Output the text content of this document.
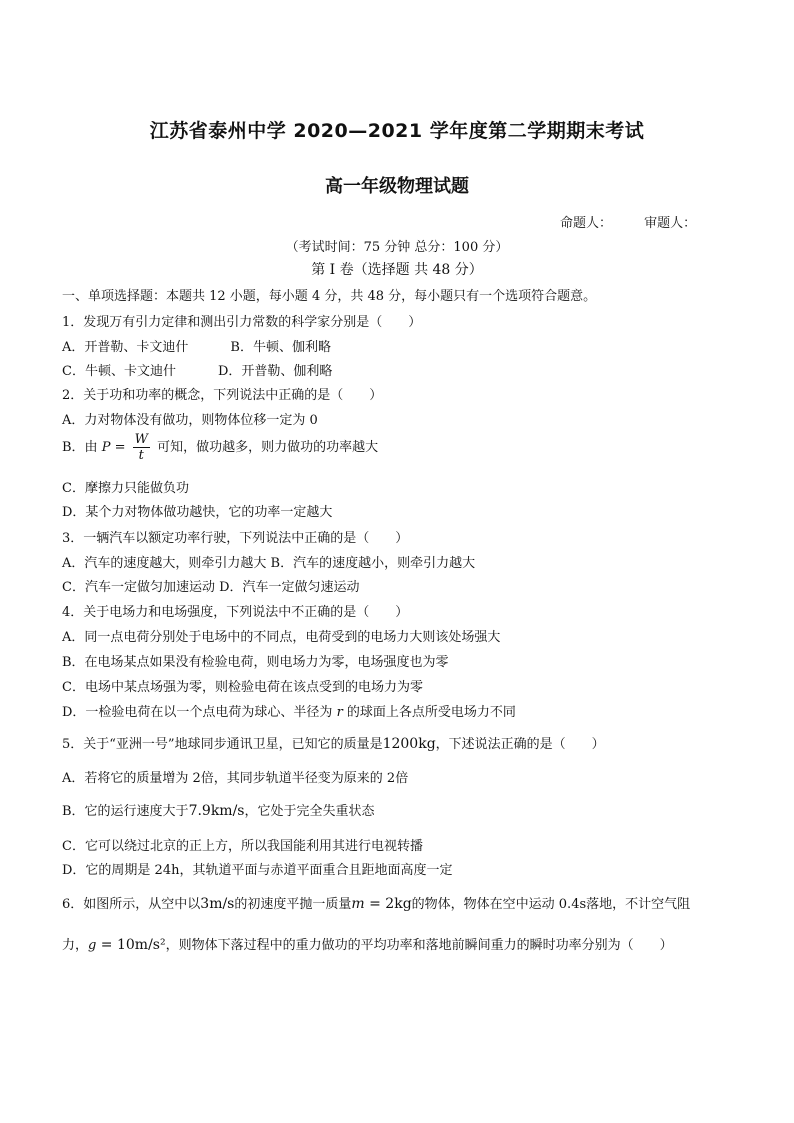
江苏省泰州中学 2020—2021 学年度第二学期期末考试
高一年级物理试题
命题人： 审题人：
（考试时间：75 分钟 总分：100 分）
第 I 卷（选择题 共 48 分）
一、单项选择题：本题共 12 小题，每小题 4 分，共 48 分，每小题只有一个选项符合题意。
1．发现万有引力定律和测出引力常数的科学家分别是（　　）
A．开普勒、卡文迪什	B．牛顿、伽利略
C．牛顿、卡文迪什	D．开普勒、伽利略
2．关于功和功率的概念，下列说法中正确的是（　　）
A．力对物体没有做功，则物体位移一定为 0
B．由 $P = \frac{W}{t}$ 可知，做功越多，则力做功的功率越大
C．摩擦力只能做负功
D．某个力对物体做功越快，它的功率一定越大
3．一辆汽车以额定功率行驶，下列说法中正确的是（　　）
A．汽车的速度越大，则牵引力越大 B．汽车的速度越小，则牵引力越大
C．汽车一定做匀加速运动 D．汽车一定做匀速运动
4．关于电场力和电场强度，下列说法中不正确的是（　　）
A．同一点电荷分别处于电场中的不同点，电荷受到的电场力大则该处场强大
B．在电场某点如果没有检验电荷，则电场力为零，电场强度也为零
C．电场中某点场强为零，则检验电荷在该点受到的电场力为零
D．一检验电荷在以一个点电荷为球心、半径为 r 的球面上各点所受电场力不同
5．关于“亚洲一号”地球同步通讯卫星，已知它的质量是1200kg，下述说法正确的是（　　）
A．若将它的质量增为 2倍，其同步轨道半径变为原来的 2倍
B．它的运行速度大于7.9km/s，它处于完全失重状态
C．它可以绕过北京的正上方，所以我国能利用其进行电视转播
D．它的周期是 24h，其轨道平面与赤道平面重合且距地面高度一定
6．如图所示，从空中以3m/s的初速度平抛一质量m = 2kg的物体，物体在空中运动 0.4s落地，不计空气阻
力，g = 10m/s²，则物体下落过程中的重力做功的平均功率和落地前瞬间重力的瞬时功率分别为（　　）
